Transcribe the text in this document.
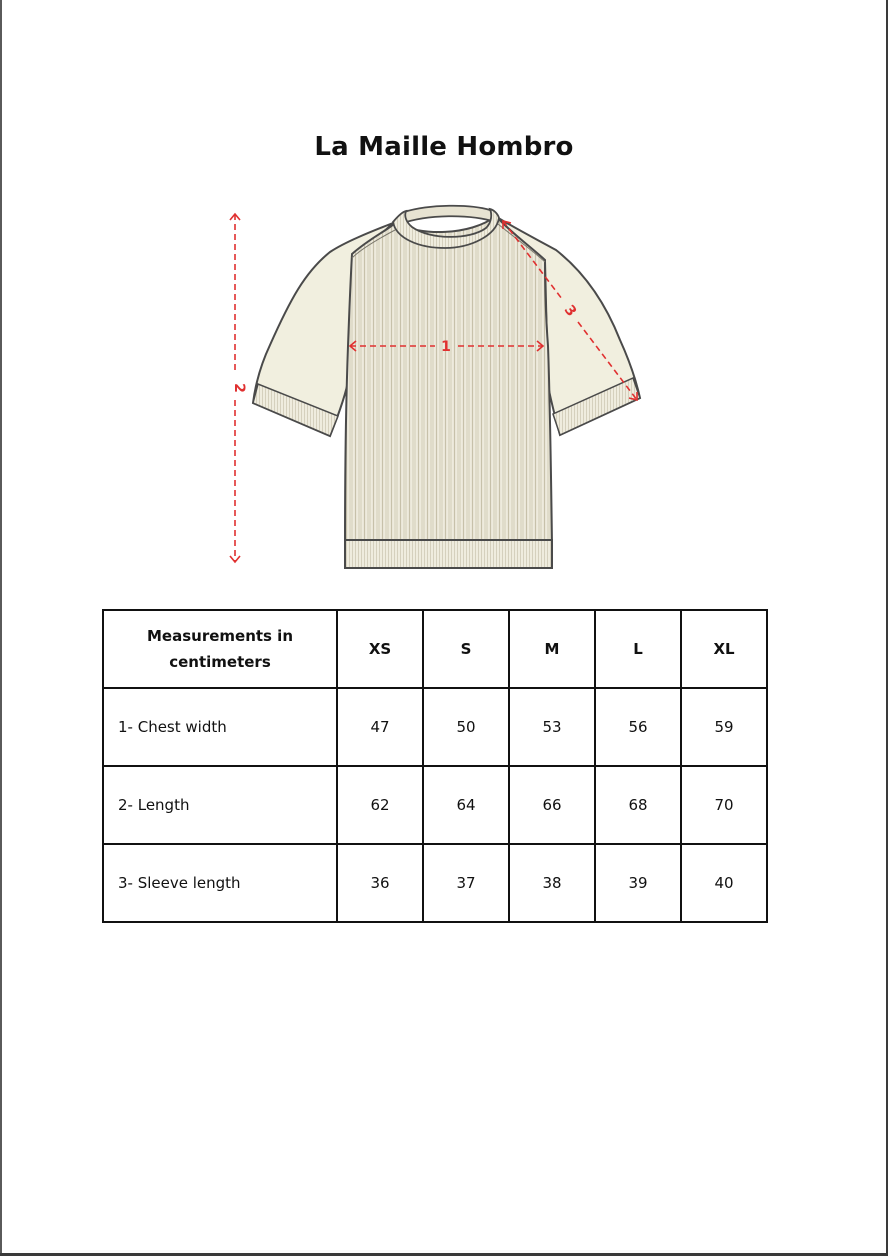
La Maille Hombro
1
2
3
Measurements in centimeters	XS	S	M	L	XL
1- Chest width	47	50	53	56	59
2- Length	62	64	66	68	70
3- Sleeve length	36	37	38	39	40
